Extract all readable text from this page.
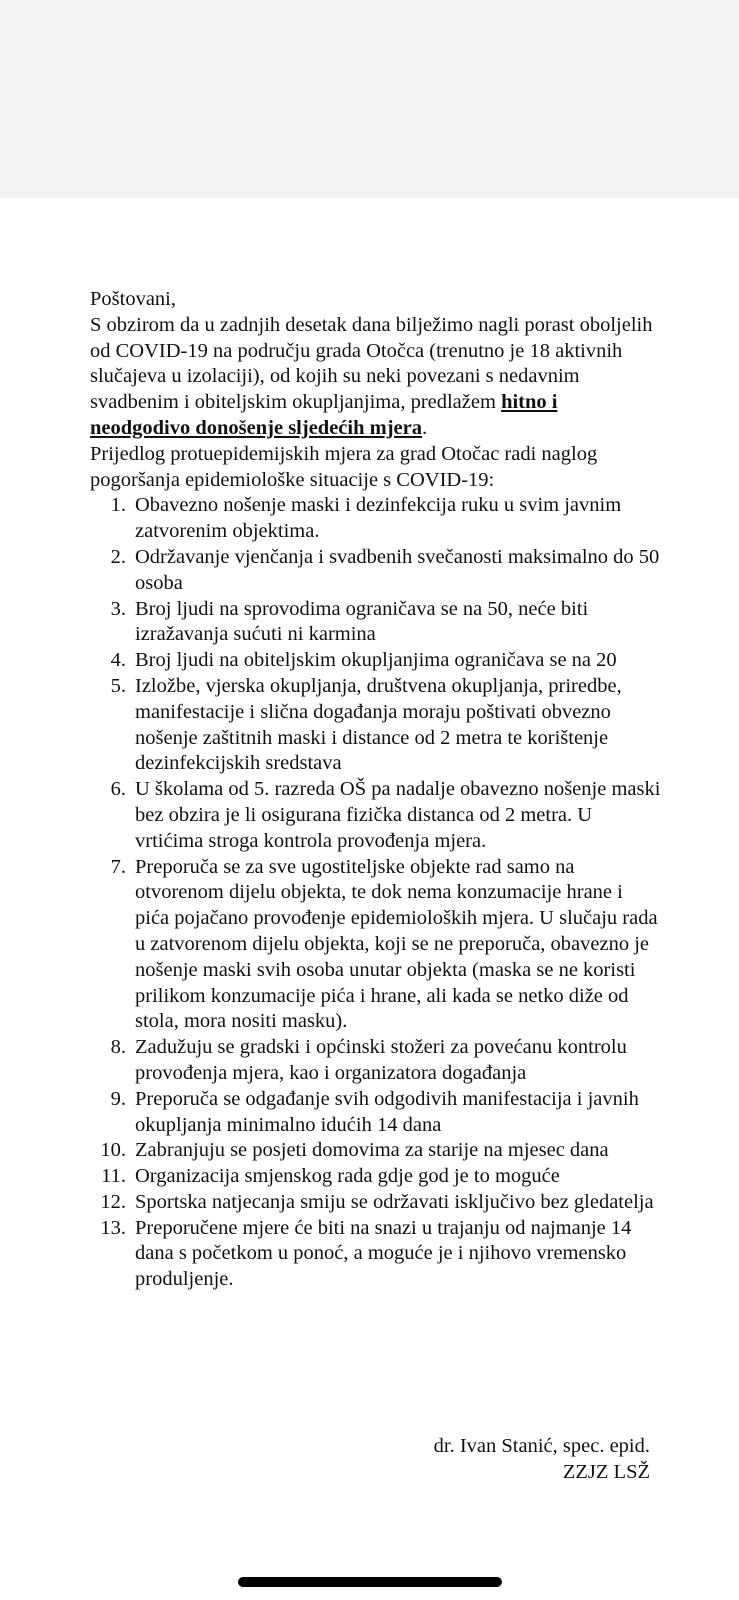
Poštovani,

S obzirom da u zadnjih desetak dana bilježimo nagli porast oboljelih od COVID-19 na području grada Otočca (trenutno je 18 aktivnih slučajeva u izolaciji), od kojih su neki povezani s nedavnim svadbenim i obiteljskim okupljanjima, predlažem hitno i neodgodivo donošenje sljedećih mjera.

Prijedlog protuepidemijskih mjera za grad Otočac radi naglog pogoršanja epidemiološke situacije s COVID-19:

1. Obavezno nošenje maski i dezinfekcija ruku u svim javnim zatvorenim objektima.
2. Održavanje vjenčanja i svadbenih svečanosti maksimalno do 50 osoba
3. Broj ljudi na sprovodima ograničava se na 50, neće biti izražavanja sućuti ni karmina
4. Broj ljudi na obiteljskim okupljanjima ograničava se na 20
5. Izložbe, vjerska okupljanja, društvena okupljanja, priredbe, manifestacije i slična događanja moraju poštivati obvezno nošenje zaštitnih maski i distance od 2 metra te korištenje dezinfekcijskih sredstava
6. U školama od 5. razreda OŠ pa nadalje obavezno nošenje maski bez obzira je li osigurana fizička distanca od 2 metra. U vrtićima stroga kontrola provođenja mjera.
7. Preporuča se za sve ugostiteljske objekte rad samo na otvorenom dijelu objekta, te dok nema konzumacije hrane i pića pojačano provođenje epidemioloških mjera. U slučaju rada u zatvorenom dijelu objekta, koji se ne preporuča, obavezno je nošenje maski svih osoba unutar objekta (maska se ne koristi prilikom konzumacije pića i hrane, ali kada se netko diže od stola, mora nositi masku).
8. Zadužuju se gradski i općinski stožeri za povećanu kontrolu provođenja mjera, kao i organizatora događanja
9. Preporuča se odgađanje svih odgodivih manifestacija i javnih okupljanja minimalno idućih 14 dana
10. Zabranjuju se posjeti domovima za starije na mjesec dana
11. Organizacija smjenskog rada gdje god je to moguće
12. Sportska natjecanja smiju se održavati isključivo bez gledatelja
13. Preporučene mjere će biti na snazi u trajanju od najmanje 14 dana s početkom u ponoć, a moguće je i njihovo vremensko produljenje.
dr. Ivan Stanić, spec. epid.
ZZJZ LSŽ
